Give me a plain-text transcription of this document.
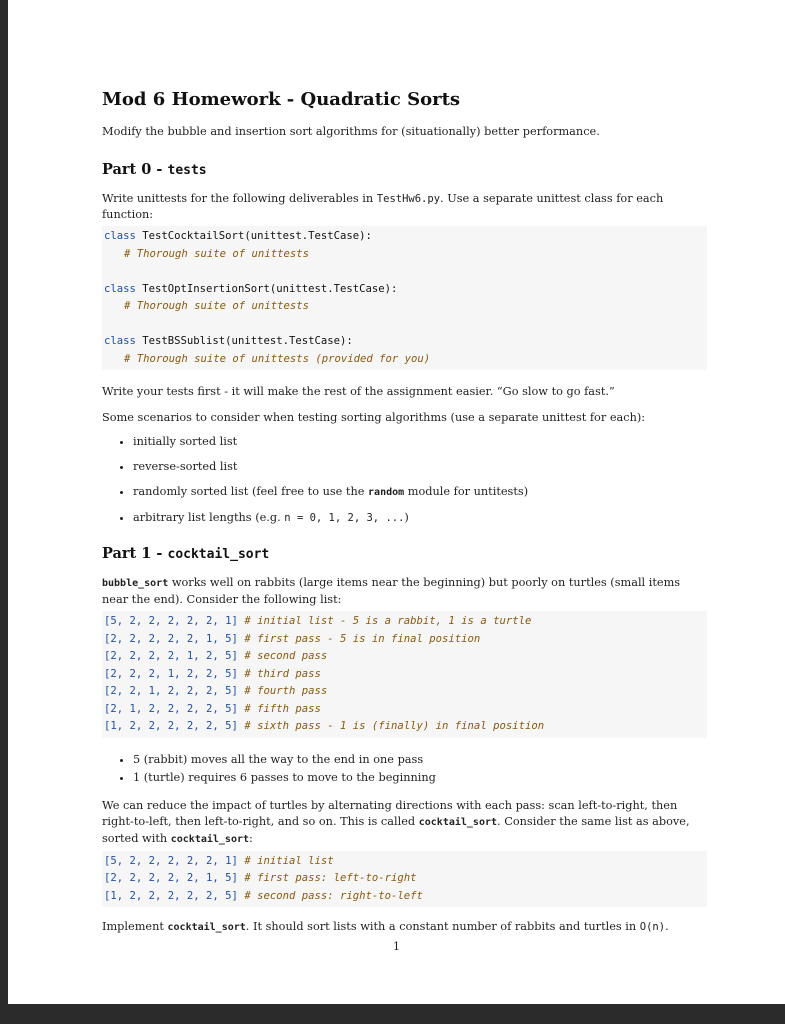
Mod 6 Homework - Quadratic Sorts

Modify the bubble and insertion sort algorithms for (situationally) better performance.

Part 0 - tests

Write unittests for the following deliverables in TestHw6.py. Use a separate unittest class for each function:

class TestCocktailSort(unittest.TestCase):
# Thorough suite of unittests

class TestOptInsertionSort(unittest.TestCase):
# Thorough suite of unittests

class TestBSSublist(unittest.TestCase):
# Thorough suite of unittests (provided for you)

Write your tests first - it will make the rest of the assignment easier. “Go slow to go fast.”

Some scenarios to consider when testing sorting algorithms (use a separate unittest for each):

• initially sorted list
• reverse-sorted list
• randomly sorted list (feel free to use the random module for untitests)
• arbitrary list lengths (e.g. n = 0, 1, 2, 3, ...)
Part 1 - cocktail_sort

bubble_sort works well on rabbits (large items near the beginning) but poorly on turtles (small items near the end). Consider the following list:

[5, 2, 2, 2, 2, 2, 1] # initial list - 5 is a rabbit, 1 is a turtle
[2, 2, 2, 2, 2, 1, 5] # first pass - 5 is in final position
[2, 2, 2, 2, 1, 2, 5] # second pass
[2, 2, 2, 1, 2, 2, 5] # third pass
[2, 2, 1, 2, 2, 2, 5] # fourth pass
[2, 1, 2, 2, 2, 2, 5] # fifth pass
[1, 2, 2, 2, 2, 2, 5] # sixth pass - 1 is (finally) in final position
• 5 (rabbit) moves all the way to the end in one pass
• 1 (turtle) requires 6 passes to move to the beginning

We can reduce the impact of turtles by alternating directions with each pass: scan left-to-right, then right-to-left, then left-to-right, and so on. This is called cocktail_sort. Consider the same list as above, sorted with cocktail_sort:

[5, 2, 2, 2, 2, 2, 1] # initial list
[2, 2, 2, 2, 2, 1, 5] # first pass: left-to-right
[1, 2, 2, 2, 2, 2, 5] # second pass: right-to-left

Implement cocktail_sort. It should sort lists with a constant number of rabbits and turtles in O(n).

1
